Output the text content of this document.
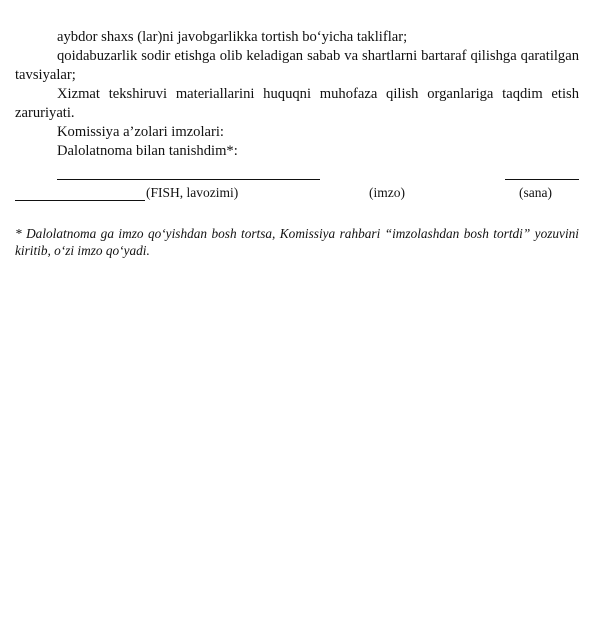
aybdor shaxs (lar)ni javobgarlikka tortish bo‘yicha takliflar;

qoidabuzarlik sodir etishga olib keladigan sabab va shartlarni bartaraf qilishga qaratilgan tavsiyalar;

Xizmat tekshiruvi materiallarini huquqni muhofaza qilish organlariga taqdim etish zaruriyati.

Komissiya a’zolari imzolari:

Dalolatnoma bilan tanishdim*:

(FISH, lavozimi)	(imzo)	(sana)

* Dalolatnoma ga imzo qo‘yishdan bosh tortsa, Komissiya rahbari “imzolashdan bosh tortdi” yozuvini kiritib, o‘zi imzo qo‘yadi.
